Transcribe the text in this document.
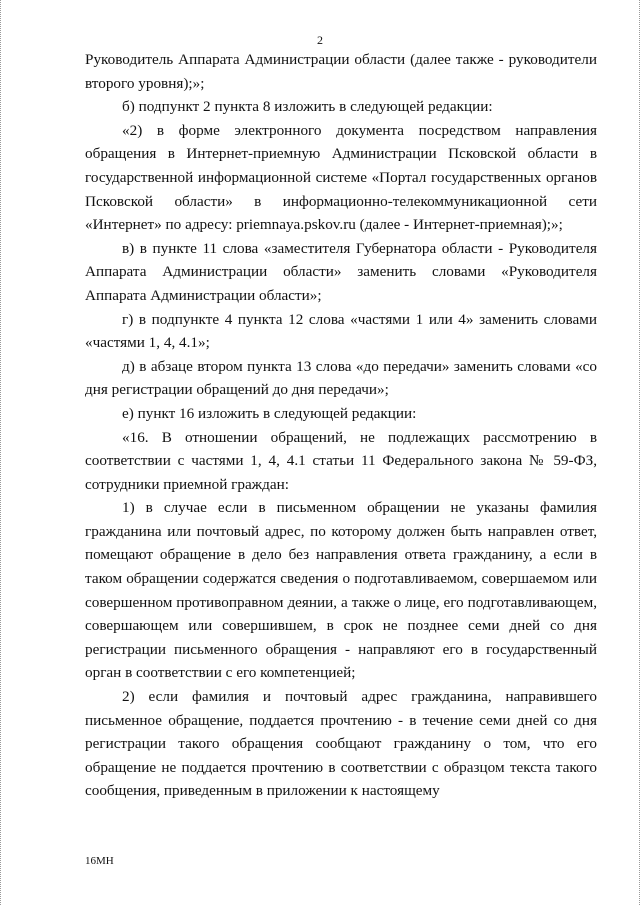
2

Руководитель Аппарата Администрации области (далее также - руководители второго уровня);»;

б) подпункт 2 пункта 8 изложить в следующей редакции:

«2) в форме электронного документа посредством направления обращения в Интернет-приемную Администрации Псковской области в государственной информационной системе «Портал государственных органов Псковской области» в информационно-телекоммуникационной сети «Интернет» по адресу: priemnaya.pskov.ru (далее - Интернет-приемная);»;

в) в пункте 11 слова «заместителя Губернатора области - Руководителя Аппарата Администрации области» заменить словами «Руководителя Аппарата Администрации области»;

г) в подпункте 4 пункта 12 слова «частями 1 или 4» заменить словами «частями 1, 4, 4.1»;

д) в абзаце втором пункта 13 слова «до передачи» заменить словами «со дня регистрации обращений до дня передачи»;

е) пункт 16 изложить в следующей редакции:

«16. В отношении обращений, не подлежащих рассмотрению в соответствии с частями 1, 4, 4.1 статьи 11 Федерального закона № 59-ФЗ, сотрудники приемной граждан:

1) в случае если в письменном обращении не указаны фамилия гражданина или почтовый адрес, по которому должен быть направлен ответ, помещают обращение в дело без направления ответа гражданину, а если в таком обращении содержатся сведения о подготавливаемом, совершаемом или совершенном противоправном деянии, а также о лице, его подготавливающем, совершающем или совершившем, в срок не позднее семи дней со дня регистрации письменного обращения - направляют его в государственный орган в соответствии с его компетенцией;

2) если фамилия и почтовый адрес гражданина, направившего письменное обращение, поддается прочтению - в течение семи дней со дня регистрации такого обращения сообщают гражданину о том, что его обращение не поддается прочтению в соответствии с образцом текста такого сообщения, приведенным в приложении к настоящему

16МН
